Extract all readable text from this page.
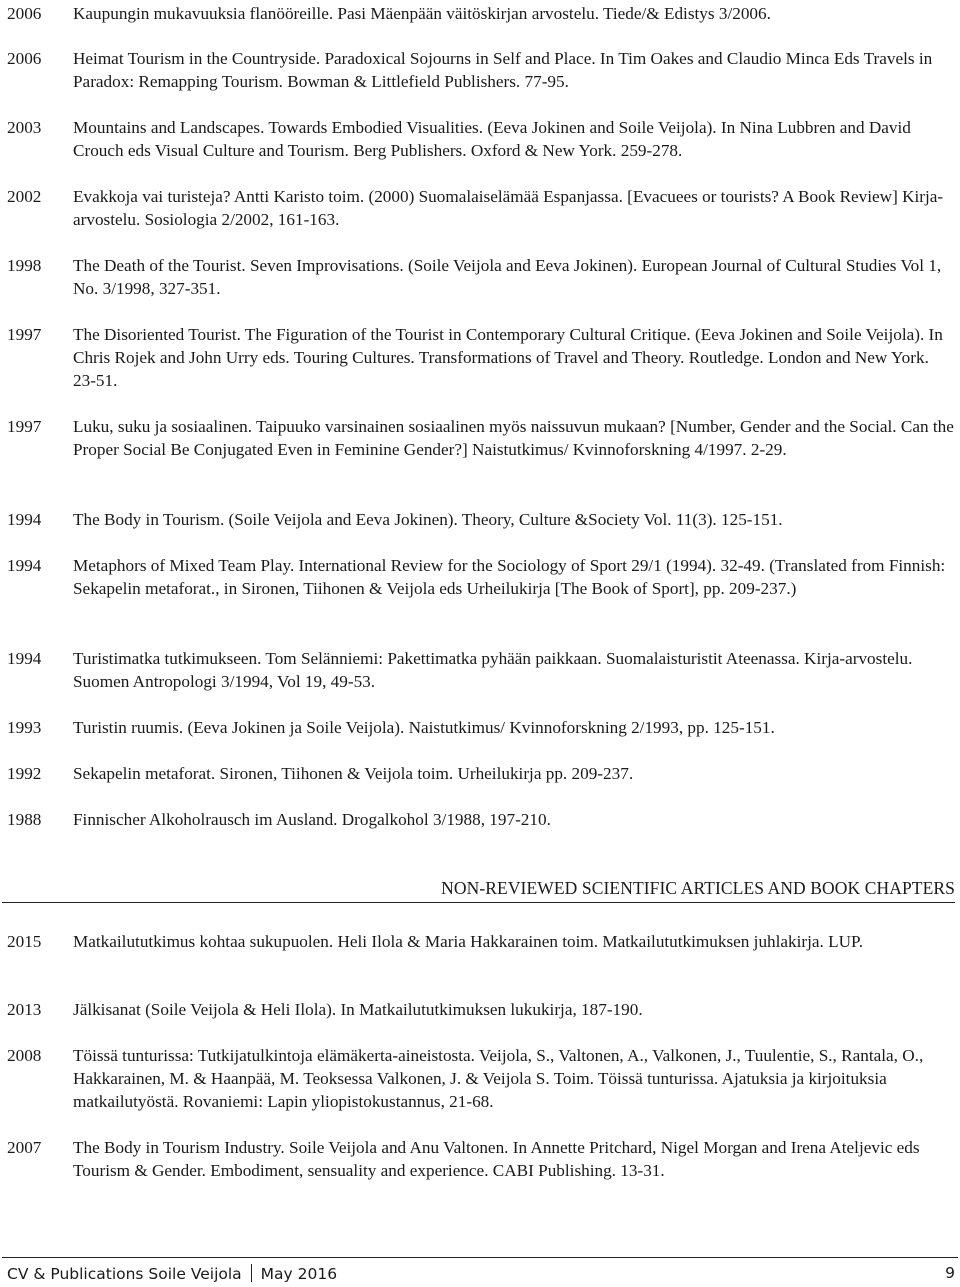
2006	Kaupungin mukavuuksia flanööreille. Pasi Mäenpään väitöskirjan arvostelu. Tiede/& Edistys 3/2006.
2006	Heimat Tourism in the Countryside. Paradoxical Sojourns in Self and Place. In Tim Oakes and Claudio Minca Eds Travels in Paradox: Remapping Tourism. Bowman & Littlefield Publishers. 77-95.
2003	Mountains and Landscapes. Towards Embodied Visualities. (Eeva Jokinen and Soile Veijola). In Nina Lubbren and David Crouch eds Visual Culture and Tourism. Berg Publishers. Oxford & New York. 259-278.
2002	Evakkoja vai turisteja? Antti Karisto toim. (2000) Suomalaiselämää Espanjassa. [Evacuees or tourists? A Book Review] Kirja-arvostelu. Sosiologia 2/2002, 161-163.
1998	The Death of the Tourist. Seven Improvisations. (Soile Veijola and Eeva Jokinen). European Journal of Cultural Studies Vol 1, No. 3/1998, 327-351.
1997	The Disoriented Tourist. The Figuration of the Tourist in Contemporary Cultural Critique. (Eeva Jokinen and Soile Veijola). In Chris Rojek and John Urry eds. Touring Cultures. Transformations of Travel and Theory. Routledge. London and New York. 23-51.
1997	Luku, suku ja sosiaalinen. Taipuuko varsinainen sosiaalinen myös naissuvun mukaan? [Number, Gender and the Social. Can the Proper Social Be Conjugated Even in Feminine Gender?] Naistutkimus/ Kvinnoforskning 4/1997. 2-29.
1994	The Body in Tourism. (Soile Veijola and Eeva Jokinen). Theory, Culture &Society Vol. 11(3). 125-151.
1994	Metaphors of Mixed Team Play. International Review for the Sociology of Sport 29/1 (1994). 32-49. (Translated from Finnish: Sekapelin metaforat., in Sironen, Tiihonen & Veijola eds Urheilukirja [The Book of Sport], pp. 209-237.)
1994	Turistimatka tutkimukseen. Tom Selänniemi: Pakettimatka pyhään paikkaan. Suomalaisturistit Ateenassa. Kirja-arvostelu. Suomen Antropologi 3/1994, Vol 19, 49-53.
1993	Turistin ruumis. (Eeva Jokinen ja Soile Veijola). Naistutkimus/ Kvinnoforskning 2/1993, pp. 125-151.
1992	Sekapelin metaforat. Sironen, Tiihonen & Veijola toim. Urheilukirja pp. 209-237.
1988	Finnischer Alkoholrausch im Ausland. Drogalkohol 3/1988, 197-210.
NON-REVIEWED SCIENTIFIC ARTICLES AND BOOK CHAPTERS
2015	Matkailututkimus kohtaa sukupuolen. Heli Ilola & Maria Hakkarainen toim. Matkailututkimuksen juhlakirja. LUP.
2013	Jälkisanat (Soile Veijola & Heli Ilola). In Matkailututkimuksen lukukirja, 187-190.
2008	Töissä tunturissa: Tutkijatulkintoja elämäkerta-aineistosta. Veijola, S., Valtonen, A., Valkonen, J., Tuulentie, S., Rantala, O., Hakkarainen, M. & Haanpää, M. Teoksessa Valkonen, J. & Veijola S. Toim. Töissä tunturissa. Ajatuksia ja kirjoituksia matkailutyöstä. Rovaniemi: Lapin yliopistokustannus, 21-68.
2007	The Body in Tourism Industry. Soile Veijola and Anu Valtonen. In Annette Pritchard, Nigel Morgan and Irena Ateljevic eds Tourism & Gender. Embodiment, sensuality and experience. CABI Publishing. 13-31.
CV & Publications Soile Veijola May 2016	9
